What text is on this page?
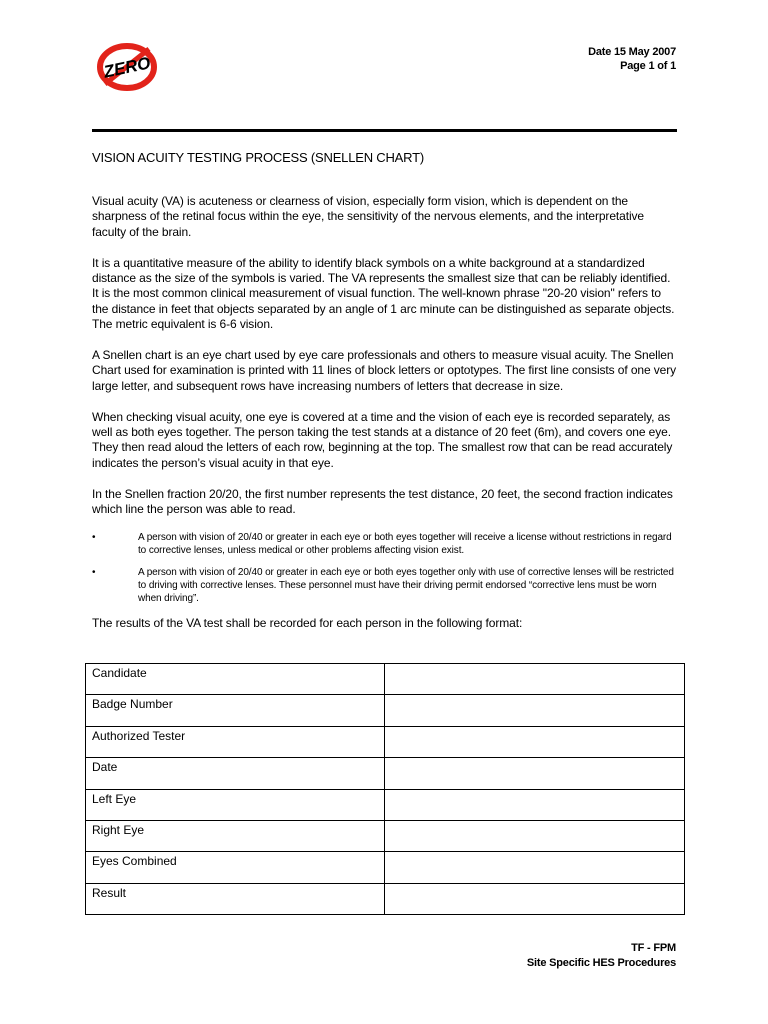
ZERO
Date 15 May 2007
Page 1 of 1
VISION ACUITY TESTING PROCESS (SNELLEN CHART)

Visual acuity (VA) is acuteness or clearness of vision, especially form vision, which is dependent on the sharpness of the retinal focus within the eye, the sensitivity of the nervous elements, and the interpretative faculty of the brain.

It is a quantitative measure of the ability to identify black symbols on a white background at a standardized distance as the size of the symbols is varied. The VA represents the smallest size that can be reliably identified. It is the most common clinical measurement of visual function. The well-known phrase "20-20 vision" refers to the distance in feet that objects separated by an angle of 1 arc minute can be distinguished as separate objects. The metric equivalent is 6-6 vision.

A Snellen chart is an eye chart used by eye care professionals and others to measure visual acuity. The Snellen Chart used for examination is printed with 11 lines of block letters or optotypes. The first line consists of one very large letter, and subsequent rows have increasing numbers of letters that decrease in size.

When checking visual acuity, one eye is covered at a time and the vision of each eye is recorded separately, as well as both eyes together. The person taking the test stands at a distance of 20 feet (6m), and covers one eye. They then read aloud the letters of each row, beginning at the top. The smallest row that can be read accurately indicates the person’s visual acuity in that eye.

In the Snellen fraction 20/20, the first number represents the test distance, 20 feet, the second fraction indicates which line the person was able to read.

•	A person with vision of 20/40 or greater in each eye or both eyes together will receive a license without restrictions in regard to corrective lenses, unless medical or other problems affecting vision exist.
•	A person with vision of 20/40 or greater in each eye or both eyes together only with use of corrective lenses will be restricted to driving with corrective lenses. These personnel must have their driving permit endorsed “corrective lens must be worn when driving”.

The results of the VA test shall be recorded for each person in the following format:

Candidate	
Badge Number	
Authorized Tester	
Date	
Left Eye	
Right Eye	
Eyes Combined	
Result	
TF - FPM
Site Specific HES Procedures
